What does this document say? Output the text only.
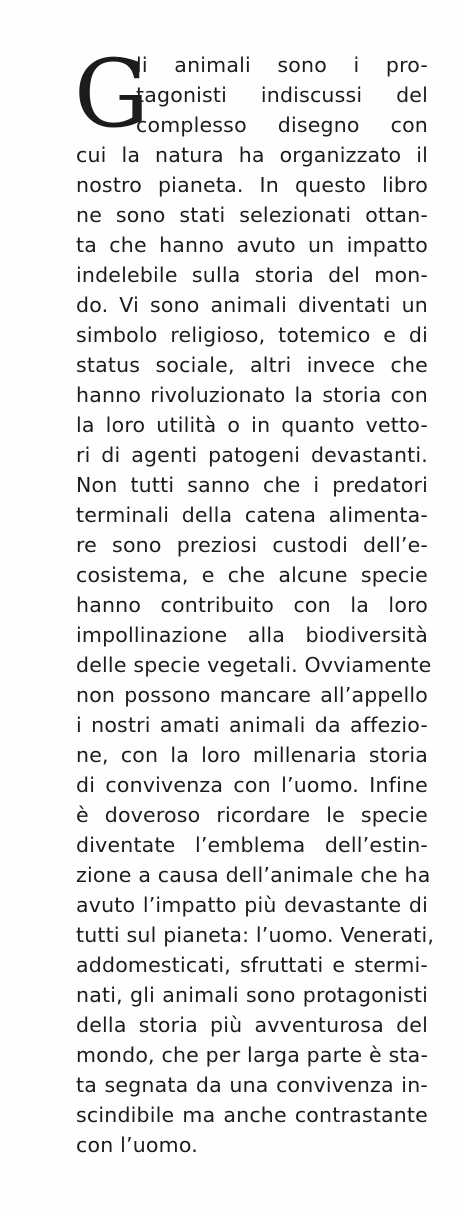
G
li animali sono i pro-
tagonisti indiscussi del
complesso disegno con
cui la natura ha organizzato il
nostro pianeta. In questo libro
ne sono stati selezionati ottan-
ta che hanno avuto un impatto
indelebile sulla storia del mon-
do. Vi sono animali diventati un
simbolo religioso, totemico e di
status sociale, altri invece che
hanno rivoluzionato la storia con
la loro utilità o in quanto vetto-
ri di agenti patogeni devastanti.
Non tutti sanno che i predatori
terminali della catena alimenta-
re sono preziosi custodi dell’e-
cosistema, e che alcune specie
hanno contribuito con la loro
impollinazione alla biodiversità
delle specie vegetali. Ovviamente
non possono mancare all’appello
i nostri amati animali da affezio-
ne, con la loro millenaria storia
di convivenza con l’uomo. Infine
è doveroso ricordare le specie
diventate l’emblema dell’estin-
zione a causa dell’animale che ha
avuto l’impatto più devastante di
tutti sul pianeta: l’uomo. Venerati,
addomesticati, sfruttati e stermi-
nati, gli animali sono protagonisti
della storia più avventurosa del
mondo, che per larga parte è sta-
ta segnata da una convivenza in-
scindibile ma anche contrastante
con l’uomo.
